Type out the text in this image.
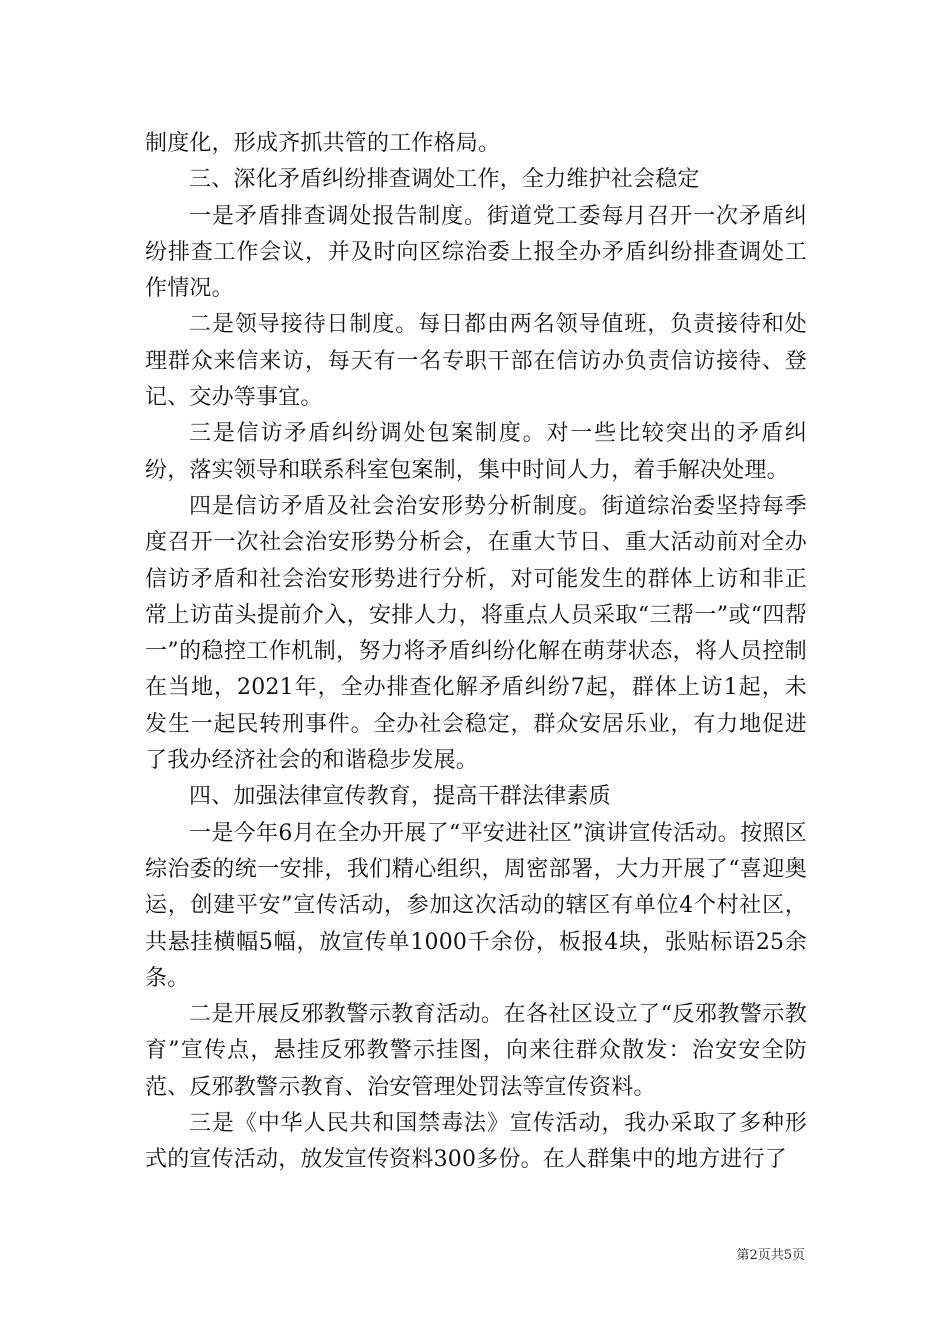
制度化，形成齐抓共管的工作格局。

三、深化矛盾纠纷排查调处工作，全力维护社会稳定

一是矛盾排查调处报告制度。街道党工委每月召开一次矛盾纠纷排查工作会议，并及时向区综治委上报全办矛盾纠纷排查调处工作情况。

二是领导接待日制度。每日都由两名领导值班，负责接待和处理群众来信来访，每天有一名专职干部在信访办负责信访接待、登记、交办等事宜。

三是信访矛盾纠纷调处包案制度。对一些比较突出的矛盾纠纷，落实领导和联系科室包案制，集中时间人力，着手解决处理。

四是信访矛盾及社会治安形势分析制度。街道综治委坚持每季度召开一次社会治安形势分析会，在重大节日、重大活动前对全办信访矛盾和社会治安形势进行分析，对可能发生的群体上访和非正常上访苗头提前介入，安排人力，将重点人员采取“三帮一”或“四帮一”的稳控工作机制，努力将矛盾纠纷化解在萌芽状态，将人员控制在当地，2021年，全办排查化解矛盾纠纷7起，群体上访1起，未发生一起民转刑事件。全办社会稳定，群众安居乐业，有力地促进了我办经济社会的和谐稳步发展。

四、加强法律宣传教育，提高干群法律素质

一是今年6月在全办开展了“平安进社区”演讲宣传活动。按照区综治委的统一安排，我们精心组织，周密部署，大力开展了“喜迎奥运，创建平安”宣传活动，参加这次活动的辖区有单位4个村社区，共悬挂横幅5幅，放宣传单1000千余份，板报4块，张贴标语25余条。

二是开展反邪教警示教育活动。在各社区设立了“反邪教警示教育”宣传点，悬挂反邪教警示挂图，向来往群众散发：治安安全防范、反邪教警示教育、治安管理处罚法等宣传资料。

三是《中华人民共和国禁毒法》宣传活动，我办采取了多种形式的宣传活动，放发宣传资料300多份。在人群集中的地方进行了

第2页共5页
